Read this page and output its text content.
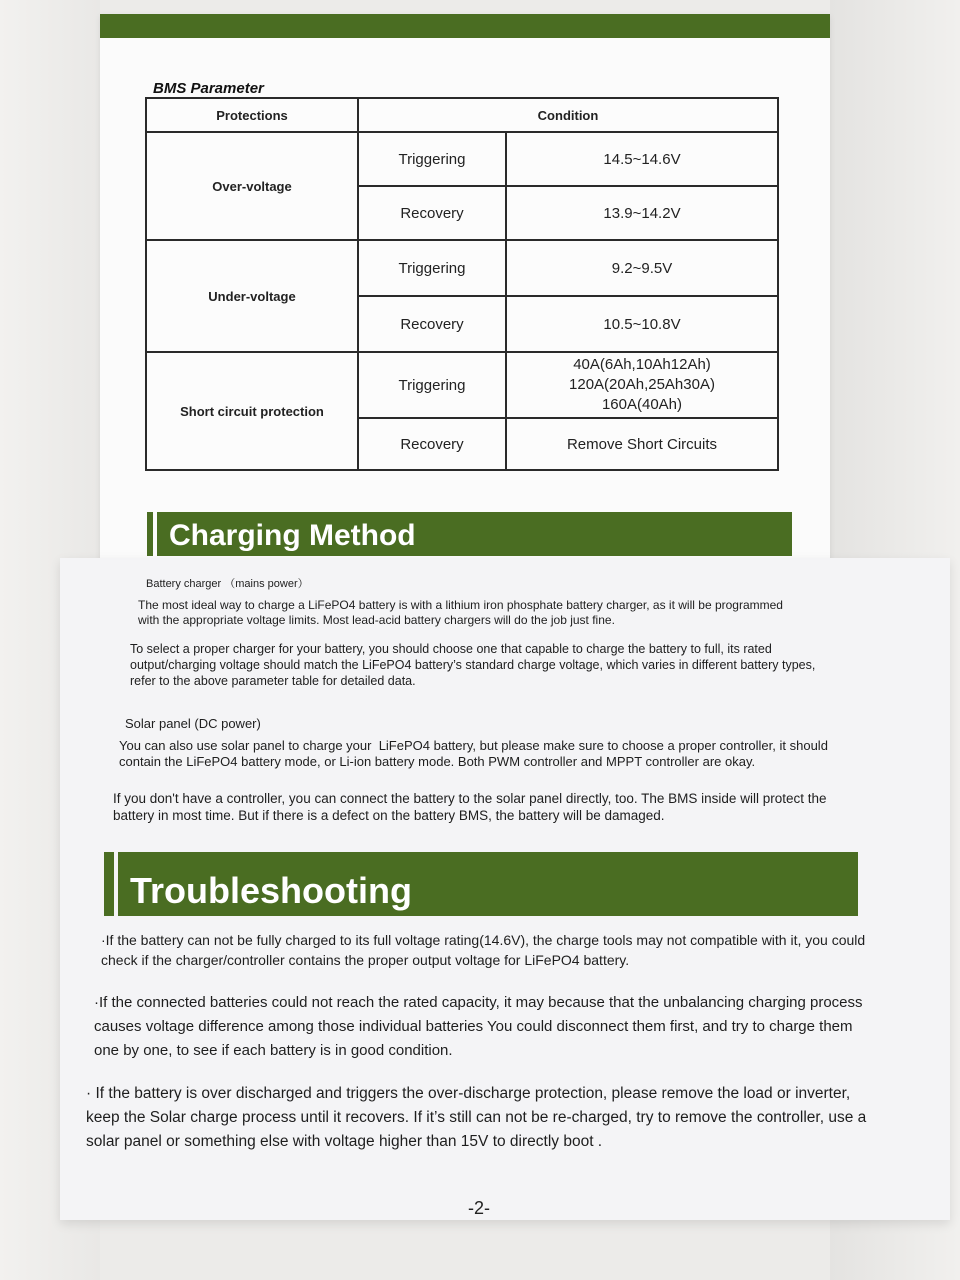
BMS Parameter
Protections	Condition	
Over-voltage	Triggering	14.5~14.6V
	Recovery	13.9~14.2V
Under-voltage	Triggering	9.2~9.5V
	Recovery	10.5~10.8V
Short circuit protection	Triggering	40A(6Ah,10Ah12Ah)
120A(20Ah,25Ah30A)
160A(40Ah)

	Recovery	Remove Short Circuits
Charging Method
Battery charger （mains power）
The most ideal way to charge a LiFePO4 battery is with a lithium iron phosphate battery charger, as it will be programmed with the appropriate voltage limits. Most lead-acid battery chargers will do the job just fine.
To select a proper charger for your battery, you should choose one that capable to charge the battery to full, its rated output/charging voltage should match the LiFePO4 battery’s standard charge voltage, which varies in different battery types, refer to the above parameter table for detailed data.
Solar panel (DC power)
You can also use solar panel to charge your  LiFePO4 battery, but please make sure to choose a proper controller, it should contain the LiFePO4 battery mode, or Li-ion battery mode. Both PWM controller and MPPT controller are okay.
If you don't have a controller, you can connect the battery to the solar panel directly, too. The BMS inside will protect the battery in most time. But if there is a defect on the battery BMS, the battery will be damaged.
Troubleshooting
·If the battery can not be fully charged to its full voltage rating(14.6V), the charge tools may not compatible with it, you could check if the charger/controller contains the proper output voltage for LiFePO4 battery.
·If the connected batteries could not reach the rated capacity, it may because that the unbalancing charging process causes voltage difference among those individual batteries You could disconnect them first, and try to charge them one by one, to see if each battery is in good condition.
· If the battery is over discharged and triggers the over-discharge protection, please remove the load or inverter, keep the Solar charge process until it recovers. If it’s still can not be re-charged, try to remove the controller, use a solar panel or something else with voltage higher than 15V to directly boot .
-2-
